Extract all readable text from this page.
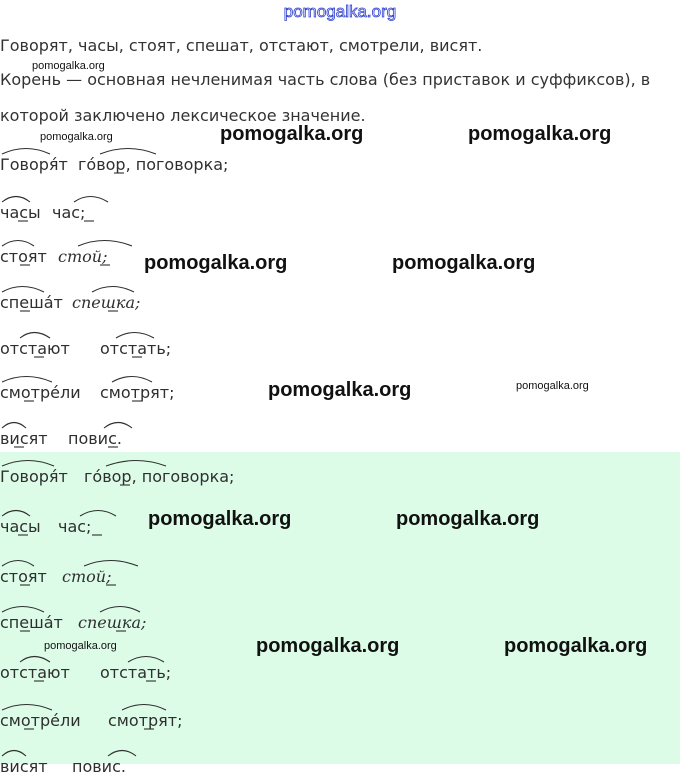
pomogalka.org
Говорят, часы, стоят, спешат, отстают, смотрели, висят.
Корень — основная нечленимая часть слова (без приставок и суффиксов), в
которой заключено лексическое значение.
pomogalka.org
pomogalka.org
pomogalka.org	pomogalka.org
pomogalka.org	pomogalka.org
pomogalka.org	pomogalka.org
pomogalka.org	pomogalka.org
pomogalka.org	pomogalka.org	pomogalka.org
Говоря́т го́вор, поговорка;
часы час;
стоят стой;
спеша́т спешка;
отстают отстать;
смотре́ли смотрят;
висят повис.
Говоря́т го́вор, поговорка;
часы час;
стоят стой;
спеша́т спешка;
отстают отстать;
смотре́ли смотрят;
висят повис.
